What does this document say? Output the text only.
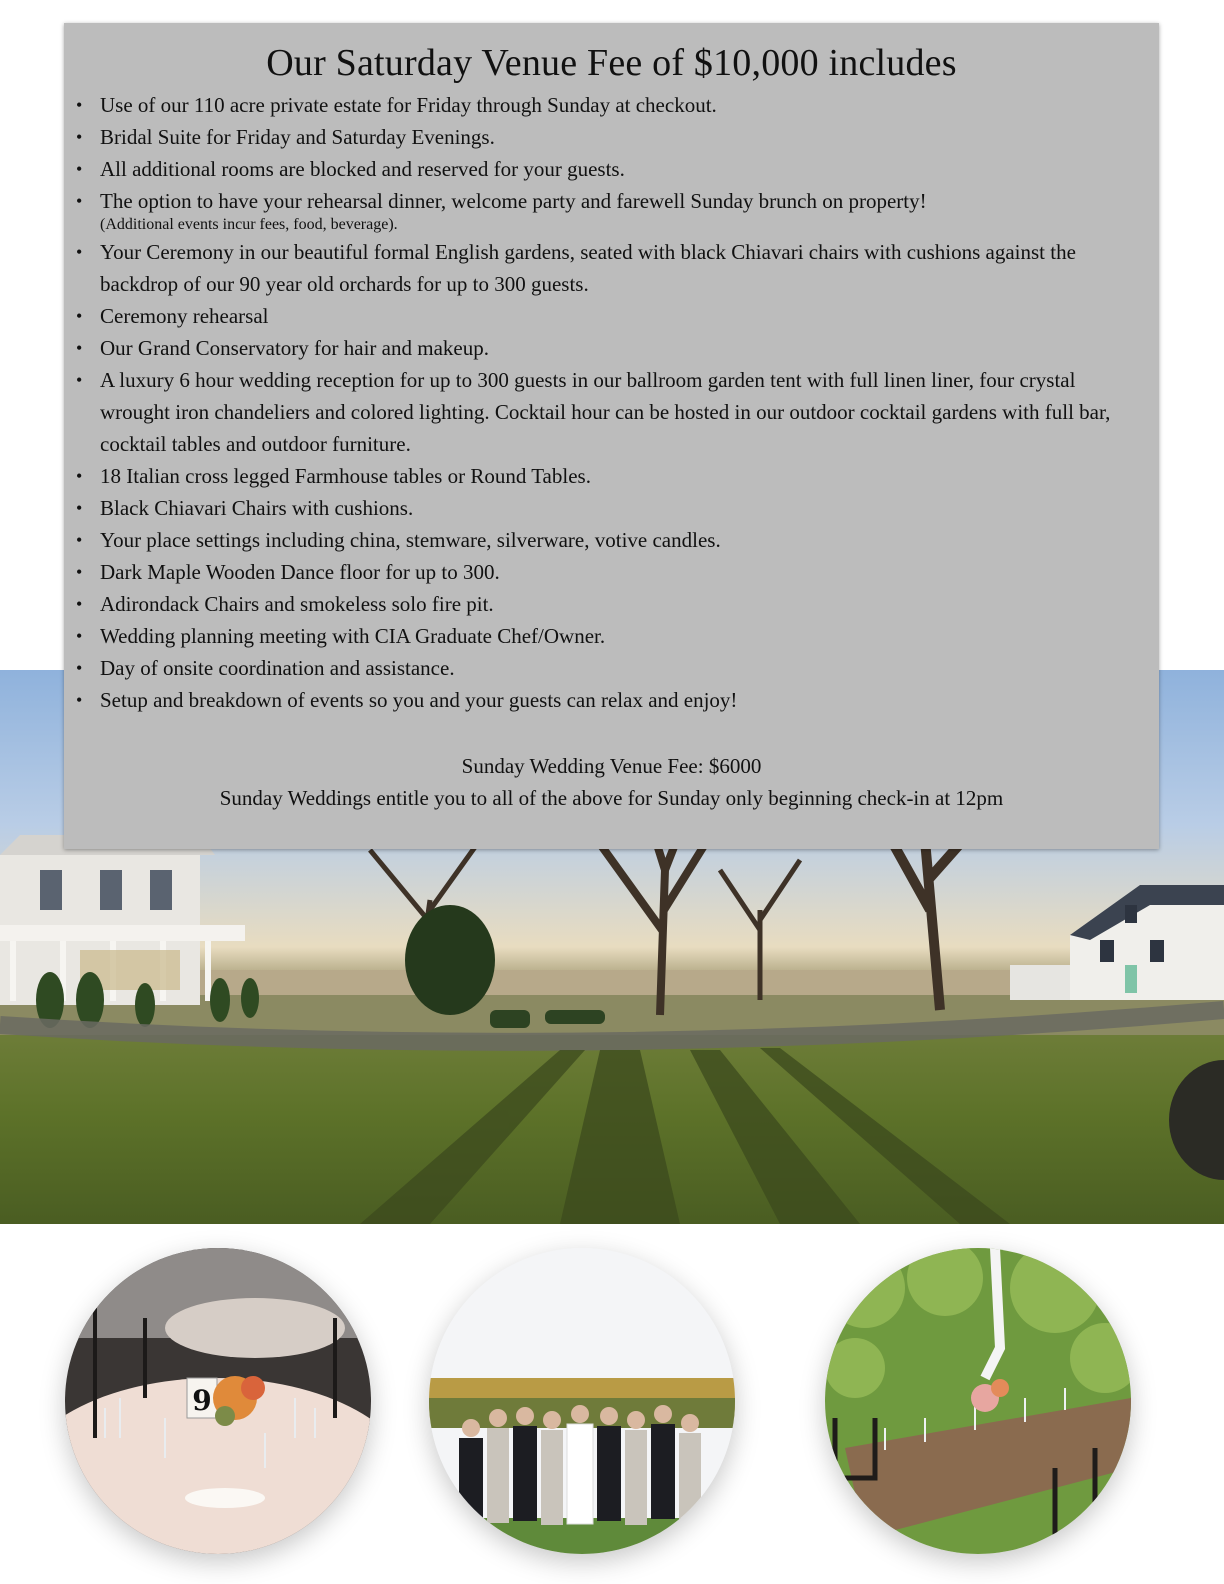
Our Saturday Venue Fee of $10,000 includes
• Use of our 110 acre private estate for Friday through Sunday at checkout.
• Bridal Suite for Friday and Saturday Evenings.
• All additional rooms are blocked and reserved for your guests.
• The option to have your rehearsal dinner, welcome party and farewell Sunday brunch on property!
(Additional events incur fees, food, beverage).
• Your Ceremony in our beautiful formal English gardens, seated with black Chiavari chairs with cushions against the backdrop of our 90 year old orchards for up to 300 guests.
• Ceremony rehearsal
• Our Grand Conservatory for hair and makeup.
• A luxury 6 hour wedding reception for up to 300 guests in our ballroom garden tent with full linen liner, four crystal wrought iron chandeliers and colored lighting. Cocktail hour can be hosted in our outdoor cocktail gardens with full bar, cocktail tables and outdoor furniture.
• 18 Italian cross legged Farmhouse tables or Round Tables.
• Black Chiavari Chairs with cushions.
• Your place settings including china, stemware, silverware, votive candles.
• Dark Maple Wooden Dance floor for up to 300.
• Adirondack Chairs and smokeless solo fire pit.
• Wedding planning meeting with CIA Graduate Chef/Owner.
• Day of onsite coordination and assistance.
• Setup and breakdown of events so you and your guests can relax and enjoy!
Sunday Wedding Venue Fee: $6000
Sunday Weddings entitle you to all of the above for Sunday only beginning check-in at 12pm
9
